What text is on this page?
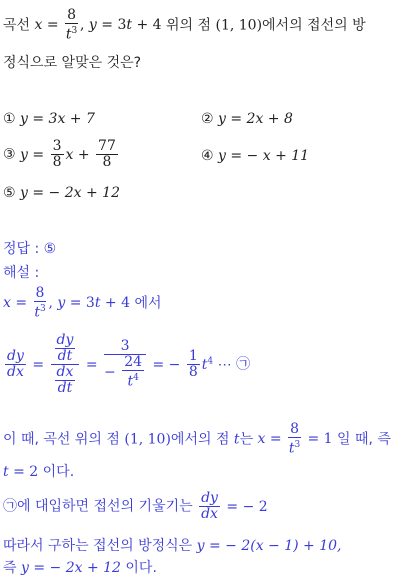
곡선 $x = \frac{8}{t^3}$ , y = 3t + 4 위의 점 (1, 10)에서의 접선의 방
정식으로 알맞은 것은?
① y = 3x + 7	② y = 2x + 8
③ $y = \frac{3}{8}$ $x + \frac{77}{8}$	④ y = − x + 11
⑤ y = − 2x + 12
정답 : ⑤
해설 :
$x = \frac{8}{t^3}$ , y = 3t + 4 에서
$\frac{dy}{dx} = \frac{\frac{dy}{dt}}{\frac{dx}{dt}} = \frac{3}{- \frac{24}{t^4}}$ = − $\frac{1}{8} t^4$ ⋯ ㉠
이 때, 곡선 위의 점 (1, 10)에서의 점 t는 $x = \frac{8}{t^3} = 1$ 일 때, 즉
t = 2 이다.
㉠에 대입하면 접선의 기울기는 $\frac{dy}{dx}$ = − 2
따라서 구하는 접선의 방정식은 y = − 2(x − 1) + 10,
즉 y = − 2x + 12 이다.
